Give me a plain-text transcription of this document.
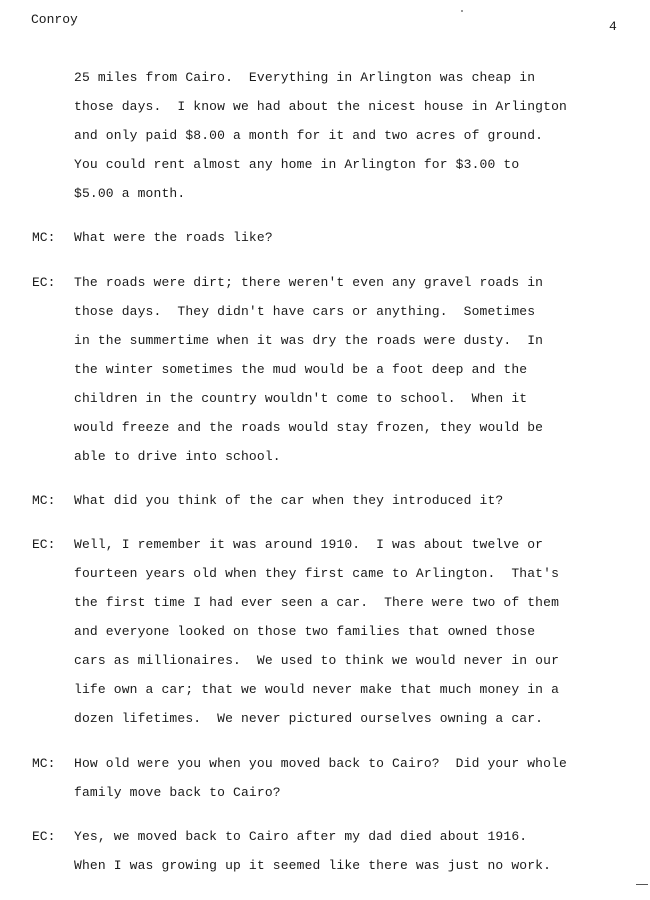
Conroy	4
25 miles from Cairo.  Everything in Arlington was cheap in
those days.  I know we had about the nicest house in Arlington
and only paid $8.00 a month for it and two acres of ground.
You could rent almost any home in Arlington for $3.00 to
$5.00 a month.
MC: What were the roads like?
EC: The roads were dirt; there weren't even any gravel roads in
those days.  They didn't have cars or anything.  Sometimes
in the summertime when it was dry the roads were dusty.  In
the winter sometimes the mud would be a foot deep and the
children in the country wouldn't come to school.  When it
would freeze and the roads would stay frozen, they would be
able to drive into school.
MC: What did you think of the car when they introduced it?
EC: Well, I remember it was around 1910.  I was about twelve or
fourteen years old when they first came to Arlington.  That's
the first time I had ever seen a car.  There were two of them
and everyone looked on those two families that owned those
cars as millionaires.  We used to think we would never in our
life own a car; that we would never make that much money in a
dozen lifetimes.  We never pictured ourselves owning a car.
MC: How old were you when you moved back to Cairo?  Did your whole
family move back to Cairo?
EC: Yes, we moved back to Cairo after my dad died about 1916.
When I was growing up it seemed like there was just no work.
